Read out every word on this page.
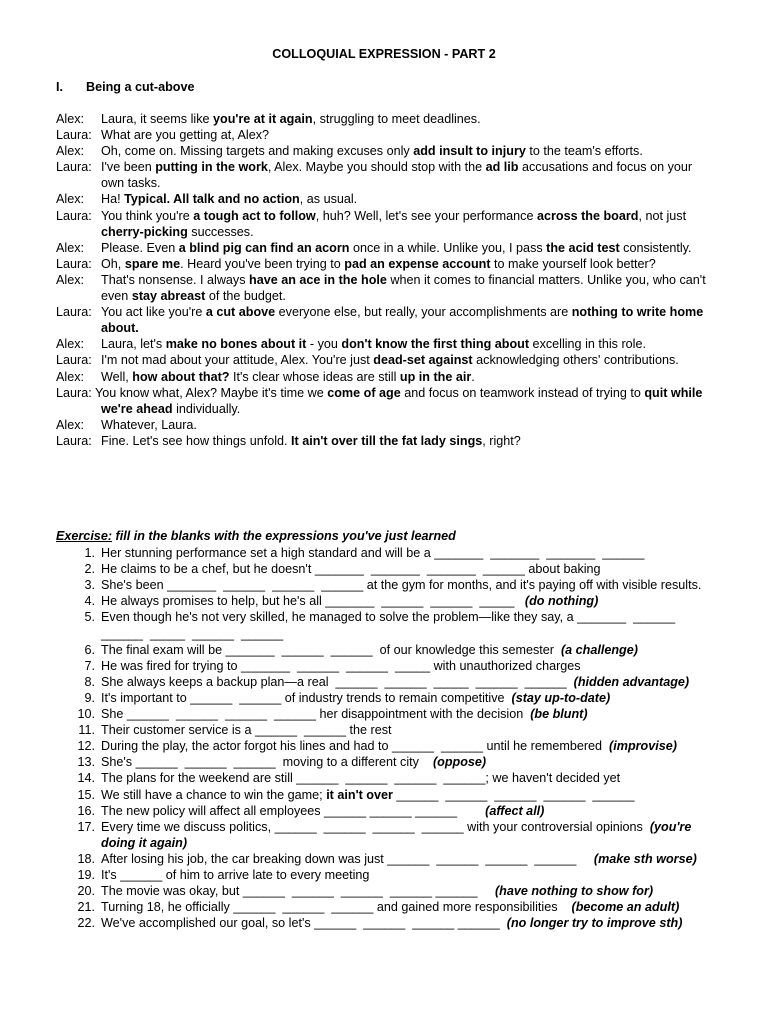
COLLOQUIAL EXPRESSION - PART 2
I. Being a cut-above
Alex:	Laura, it seems like you're at it again, struggling to meet deadlines.
Laura: What are you getting at, Alex?
Alex:	Oh, come on. Missing targets and making excuses only add insult to injury to the team's efforts.
Laura: I've been putting in the work, Alex. Maybe you should stop with the ad lib accusations and focus on your own tasks.
Alex:	Ha! Typical. All talk and no action, as usual.
Laura: You think you're a tough act to follow, huh? Well, let's see your performance across the board, not just cherry-picking successes.
Alex:	Please. Even a blind pig can find an acorn once in a while. Unlike you, I pass the acid test consistently.
Laura: Oh, spare me. Heard you've been trying to pad an expense account to make yourself look better?
Alex:	That's nonsense. I always have an ace in the hole when it comes to financial matters. Unlike you, who can't even stay abreast of the budget.
Laura: You act like you're a cut above everyone else, but really, your accomplishments are nothing to write home about.
Alex:	Laura, let's make no bones about it - you don't know the first thing about excelling in this role.
Laura: I'm not mad about your attitude, Alex. You're just dead-set against acknowledging others' contributions.
Alex:	Well, how about that? It's clear whose ideas are still up in the air.
Laura: You know what, Alex? Maybe it's time we come of age and focus on teamwork instead of trying to quit while we're ahead individually.
Alex:	Whatever, Laura.
Laura: Fine. Let's see how things unfold. It ain't over till the fat lady sings, right?
Exercise: fill in the blanks with the expressions you've just learned
1. Her stunning performance set a high standard and will be a _______  _______  _______  ______
2. He claims to be a chef, but he doesn't _______  _______  _______  ______ about baking
3. She's been _______  ______  ______  ______ at the gym for months, and it's paying off with visible results.
4. He always promises to help, but he's all _______  ______  ______  _____   (do nothing)
5. Even though he's not very skilled, he managed to solve the problem—like they say, a _______  ______
______  _____  ______  ______
6. The final exam will be _______  ______  ______  of our knowledge this semester  (a challenge)
7. He was fired for trying to _______  ______  ______  _____ with unauthorized charges
8. She always keeps a backup plan—a real  ______  ______  _____  ______  ______  (hidden advantage)
9. It's important to ______  ______ of industry trends to remain competitive  (stay up-to-date)
10. She ______  ______  ______  ______ her disappointment with the decision  (be blunt)
11. Their customer service is a ______  ______ the rest
12. During the play, the actor forgot his lines and had to ______  ______ until he remembered  (improvise)
13. She's ______  ______  ______  moving to a different city    (oppose)
14. The plans for the weekend are still ______  ______  ______  ______; we haven't decided yet
15. We still have a chance to win the game; it ain't over ______  ______  ______  ______  ______
16. The new policy will affect all employees ______ ______ ______        (affect all)
17. Every time we discuss politics, ______  ______  ______  ______ with your controversial opinions  (you're doing it again)
18. After losing his job, the car breaking down was just ______  ______  ______  ______     (make sth worse)
19. It's ______ of him to arrive late to every meeting
20. The movie was okay, but ______  ______  ______  ______ ______     (have nothing to show for)
21. Turning 18, he officially ______  ______  ______ and gained more responsibilities    (become an adult)
22. We've accomplished our goal, so let's ______  ______  ______ ______  (no longer try to improve sth)
